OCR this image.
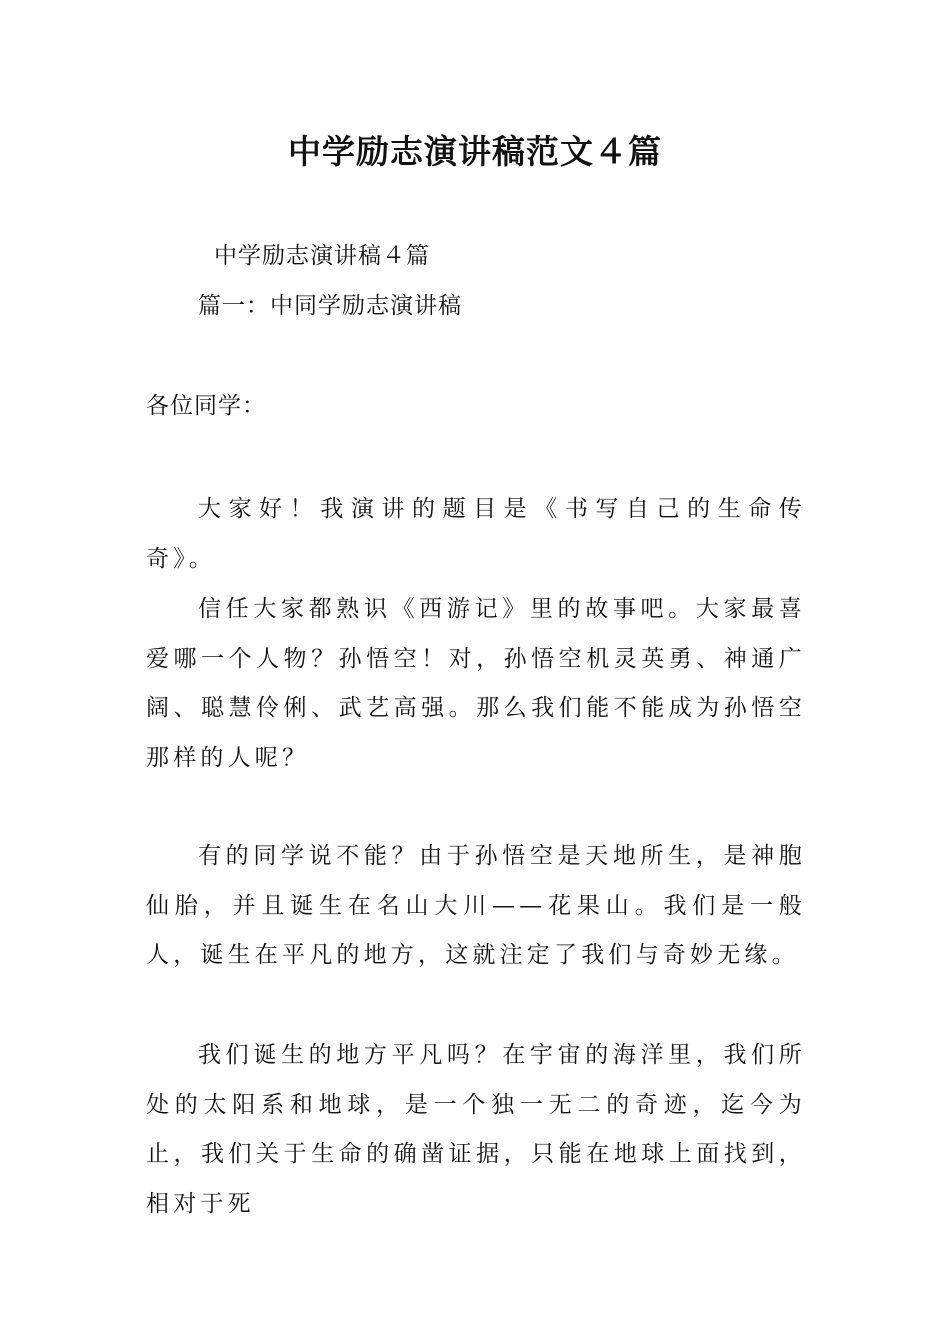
中学励志演讲稿范文４篇

中学励志演讲稿４篇

篇一：中同学励志演讲稿

各位同学：

大家好！我演讲的题目是《书写自己的生命传奇》。

信任大家都熟识《西游记》里的故事吧。大家最喜爱哪一个人物？孙悟空！对，孙悟空机灵英勇、神通广阔、聪慧伶俐、武艺高强。那么我们能不能成为孙悟空那样的人呢？

有的同学说不能？由于孙悟空是天地所生，是神胞仙胎，并且诞生在名山大川——花果山。我们是一般人，诞生在平凡的地方，这就注定了我们与奇妙无缘。

我们诞生的地方平凡吗？在宇宙的海洋里，我们所处的太阳系和地球，是一个独一无二的奇迹，迄今为止，我们关于生命的确凿证据，只能在地球上面找到，相对于死
